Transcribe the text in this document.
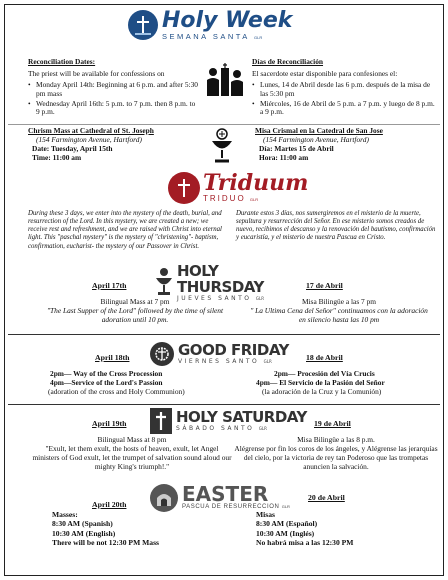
Holy Week
SEMANA SANTA GLR
Reconciliation Dates:
The priest will be available for confessions on
• Monday April 14th: Beginning at 6 p.m. and after 5:30 pm mass
• Wednesday April 16th: 5 p.m. to 7 p.m. then 8 p.m. to 9 p.m.
Días de Reconciliación
El sacerdote estar disponible para confesiones el:
• Lunes, 14 de Abril desde las 6 p.m. después de la misa de las 5:30 pm
• Miércoles, 16 de Abril de 5 p.m. a 7 p.m. y luego de 8 p.m. a 9 p.m.
Chrism Mass at Cathedral of St. Joseph
(154 Farmington Avenue, Hartford)
Date: Tuesday, April 15th
Time: 11:00 am
Misa Crismal en la Catedral de San Jose
(154 Farmington Avenue, Hartford)
Día: Martes 15 de Abril
Hora: 11:00 am
Triduum
TRIDUO GLR
During these 3 days, we enter into the mystery of the death, burial, and resurrection of the Lord. In this mystery, we are created a new; we receive rest and refreshment, and we are raised with Christ into eternal light. This "paschal mystery" is the mystery of "christening"- baptism, confirmation, eucharist- the mystery of our Passover in Christ.
Durante estos 3 días, nos sumergiremos en el misterio de la muerte, sepultura y resurrección del Señor. En ese misterio somos creados de nuevo, recibimos el descanso y la renovación del bautismo, confirmación y eucaristía, y el misterio de nuestra Pascua en Cristo.
April 17th
HOLY THURSDAY
JUEVES SANTO GLR
17 de Abril
Bilingual Mass at 7 pm
"The Last Supper of the Lord" followed by the time of silent adoration until 10 pm.
Misa Bilingüe a las 7 pm
" La Ultima Cena del Señor" continuamos con la adoración en silencio hasta las 10 pm
April 18th	GOOD FRIDAY
VIERNES SANTO GLR	18 de Abril
2pm— Way of the Cross Procession
4pm—Service of the Lord's Passion
(adoration of the cross and Holy Communion)
2pm— Procesión del Vía Crucis
4pm— El Servicio de la Pasión del Señor
(la adoración de la Cruz y la Comunión)
April 19th	HOLY SATURDAY
SÁBADO SANTO GLR
19 de Abril
Bilingual Mass at 8 pm
"Exult, let them exult, the hosts of heaven, exult, let Angel ministers of God exult, let the trumpet of salvation sound aloud our mighty King's triumph!."
Misa Bilingüe a las 8 p.m.
Alégrense por fin los coros de los ángeles, y Alégrense las jerarquías del cielo, por la victoria de rey tan Poderoso que las trompetas anuncien la salvación.
April 20th	EASTER
PASCUA DE RESURRECCION GLR
20 de Abril
Masses:
8:30 AM (Spanish)
10:30 AM (English)
There will be not 12:30 PM Mass
Misas
8:30 AM (Español)
10:30 AM (Inglés)
No habrá misa a las 12:30 PM
